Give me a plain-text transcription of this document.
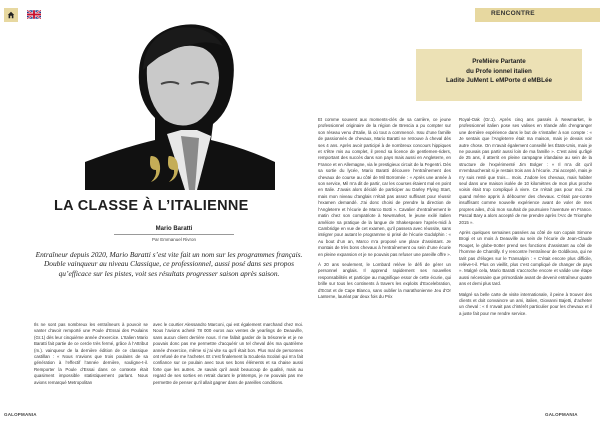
RENCONTRE
LA CLASSE À L’ITALIENNE
Mario Baratti
Par Emmanuel Rivron
Entraîneur depuis 2020, Mario Baratti s’est vite fait un nom sur les programmes français. Double vainqueur au niveau Classique, ce professionnel, aussi posé dans ses propos qu’efficace sur les pistes, voit ses résultats progresser saison après saison.

Ils ne sont pas nombreux les entraîneurs à pouvoir se vanter d’avoir remporté une Poule d’Essai des Poulains (Gr.1) dès leur cinquième année d’exercice. L’Italien Mario Baratti fait partie de ce cercle très fermé, grâce à l’Attribut (m.). vainqueur de la dernière édition de ce classique castillan : « Nous n’avions que trois poulains de sa génération à l’effectif l’année dernière, souligne-t-il. Remporter la Poule d’Essai dans ce contexte était quasiment impossible statistiquement parlant. Nous avions remarqué Metropolitan

avec le courtier Alessandro Marconi, qui est également marchand chez moi. Nous l’avions acheté 78 000 euros aux ventes de yearlings de Deauville, sans aucun client derrière nous. Il me fallait garder de la trésorerie et je ne pouvais donc pas me permettre d’acquérir un tel cheval dès ma quatrième année d’exercice, même si j’ai vite su qu’il était bon. Plus mal de personnes ont refusé de me l’acheter. Et c’est finalement la Scuderia Scolari qui m’a fait confiance sur ce poulain avec tous ses bons éléments et sa chaise aussi forte que les autres. Je savais qu’il avait beaucoup de qualité, mais au regard de ses sorties en retrait durant le printemps, je ne pouvais pas me permettre de penser qu’il allait gagner dans de pareilles conditions.

PreMière Partante
du Profe ionnel italien
Ladite JuMent L eMPorte d eMBLée

Et comme souvent aux moments-clés de sa carrière, ce jeune professionnel originaire de la région de Brescia a pu compter sur son réseau venu d’Italie, là où tout a commencé. Issu d’une famille de passionnés de chevaux, Mario Baratti se retrouve à cheval dès ses 4 ans. Après avoir participé à de nombreux concours hippiques et s’être mis au complet, il prend sa licence de gentlemen-riders, remportant des succès dans son pays mais aussi en Angleterre, en France et en Allemagne, via le prestigieux circuit de la Fegentri. Dès sa sortie du lycée, Mario Baratti découvre l’entraînement des chevaux de course au côté de Mil Borromée : « Après une année à son service, Mil m’a dit de partir, car les courses étaient mal en point en Italie. J’avais alors décidé de participer au Darley Flying Start, mais mon niveau d’anglais n’était pas assez suffisant pour réussir l’examen demandé. J’ai donc choisi de prendre la direction de l’Angleterre et l’écurie de Marco Botti ». Cavalier d’entraînement le matin chez son compatriote à Newmarket, le jeune exilé italien améliore sa pratique de la langue de Shakespeare l’après-midi à Cambridge en vue de cet examen, qu’il passera avec réussite, sans intégrer pour autant le programme si prisé de l’écurie Godolphin : « Au bout d’un an, Marco m’a proposé une place d’assistant. Je montais de très bons chevaux à l’entraînement ou sein d’une écurie en pleine expansion et je ne pouvais pas refuser une pareille offre ».

À 20 ans seulement, le Lombard relève le défi de gérer un personnel anglais. Il apprend rapidement ses nouvelles responsabilités et participe au magnifique essor de cette écurie, qui brille sur tous les continents à travers les exploits d’Excelebration, d’Ectot et de Cape Blanco, sans oublier la marathonienne Jeu d’Or Lanterne, lauréat par deux fois du Prix

Royal-Oak (Gr.1). Après cinq ans passés à Newmarket, le professionnel italien pose ses valises en Irlande afin d’engranger une dernière expérience dans le but de s’installer à son compte : « Je sentais que l’Angleterre était ma maison, mais je devais voir autre chose. On m’avait également conseillé les États-Unis, mais je ne pouvais pas partir aussi loin de ma famille ». C’est ainsi qu’âgé de 25 ans, il atterrit en pleine campagne irlandaise au sein de la structure de l’expérimenté Jim Bolger : « Il m’a dit qu’il m’embaucherait si je restais trois ans à l’écurie. J’ai accepté, mais je n’y suis resté que trois… mois. J’adore les chevaux, mais habiter seul dans une maison isolée de 10 kilomètres de mon plus proche voisin était trop compliqué à vivre. Ce n’était pas pour moi. J’ai quand même appris à débourrer des chevaux. C’était par-contre insuffisant comme nouvelle expérience avant de voler de mes propres ailes, d’où mon souhait de poursuivre l’aventure en France. Pascal Bary a alors accepté de me prendre après l’Arc de Triomphe 2015 ».

Après quelques semaines passées au côté de son copain Simone Brogi et un mois à Deauville au sein de l’écurie de Jean-Claude Rouget, le globe-trotter prend ses fonctions d’assistant au côté de l’homme de Chantilly. Il y rencontre l’entraîneur de Goldikova, qui ne tarit pas d’éloges sur le Transalpin : « C’était encore plus difficile, relève-t-il. Plus on vieillit, plus c’est compliqué de changer de pays ». Malgré cela, Mario Baratti s’accroche encore et valide une étape aussi nécessaire que primordiale avant de devenir entraîneur quatre ans et demi plus tard.

Malgré sa belle carte de visite internationale, il peine à trouver des clients et doit convaincre un ami, italien, Giovanni Bajetti, d’acheter un cheval : « Il n’avait pas d’intérêt particulier pour les chevaux et il a juste fait pour me rendre service.

GALOPMANIA	GALOPMANIA
